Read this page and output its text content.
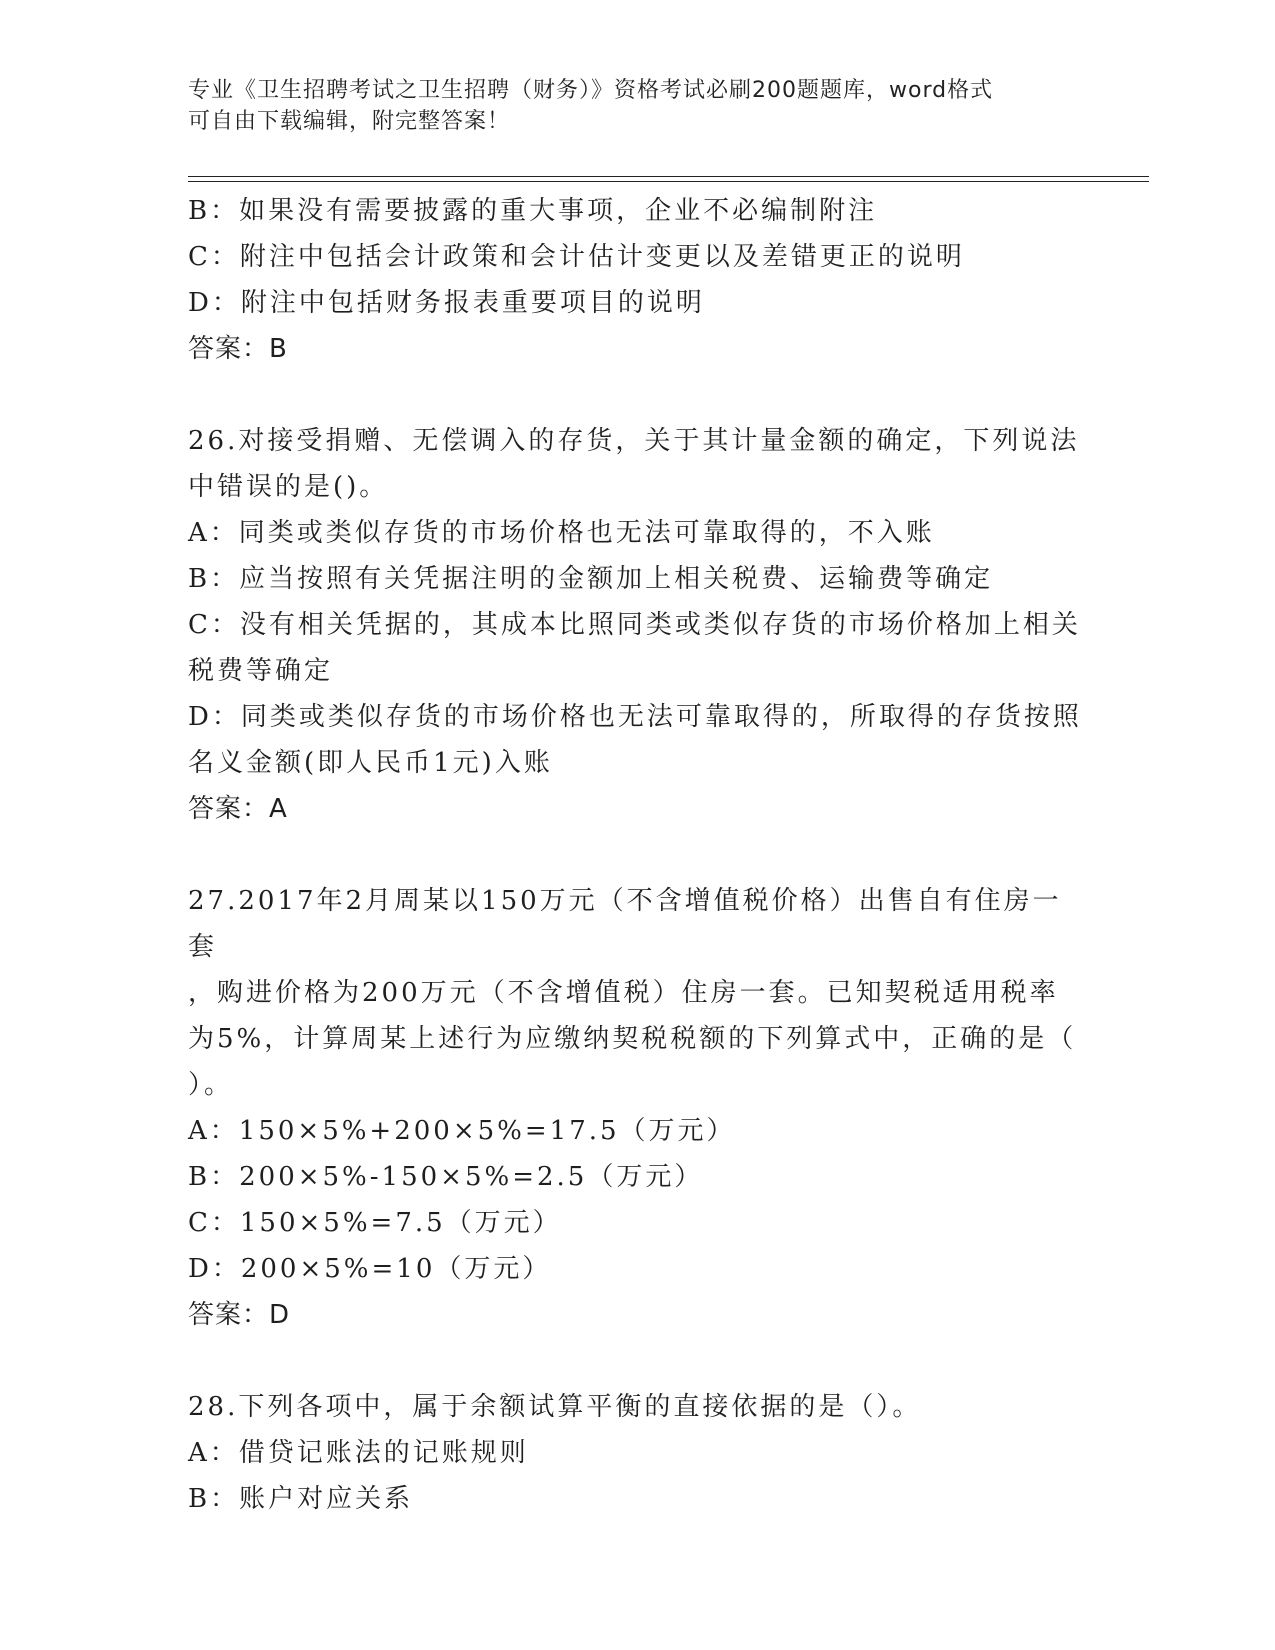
专业《卫生招聘考试之卫生招聘（财务）》资格考试必刷200题题库，word格式
可自由下载编辑，附完整答案！

B：如果没有需要披露的重大事项，企业不必编制附注

C：附注中包括会计政策和会计估计变更以及差错更正的说明

D：附注中包括财务报表重要项目的说明

答案：B

26.对接受捐赠、无偿调入的存货，关于其计量金额的确定，下列说法

中错误的是()。

A：同类或类似存货的市场价格也无法可靠取得的，不入账

B：应当按照有关凭据注明的金额加上相关税费、运输费等确定

C：没有相关凭据的，其成本比照同类或类似存货的市场价格加上相关

税费等确定

D：同类或类似存货的市场价格也无法可靠取得的，所取得的存货按照

名义金额(即人民币1元)入账

答案：A

27.2017年2月周某以150万元（不含增值税价格）出售自有住房一套

，购进价格为200万元（不含增值税）住房一套。已知契税适用税率

为5%，计算周某上述行为应缴纳契税税额的下列算式中，正确的是（

）。

A：150×5%+200×5%=17.5（万元）

B：200×5%-150×5%=2.5（万元）

C：150×5%=7.5（万元）

D：200×5%=10（万元）

答案：D

28.下列各项中，属于余额试算平衡的直接依据的是（）。

A：借贷记账法的记账规则

B：账户对应关系
